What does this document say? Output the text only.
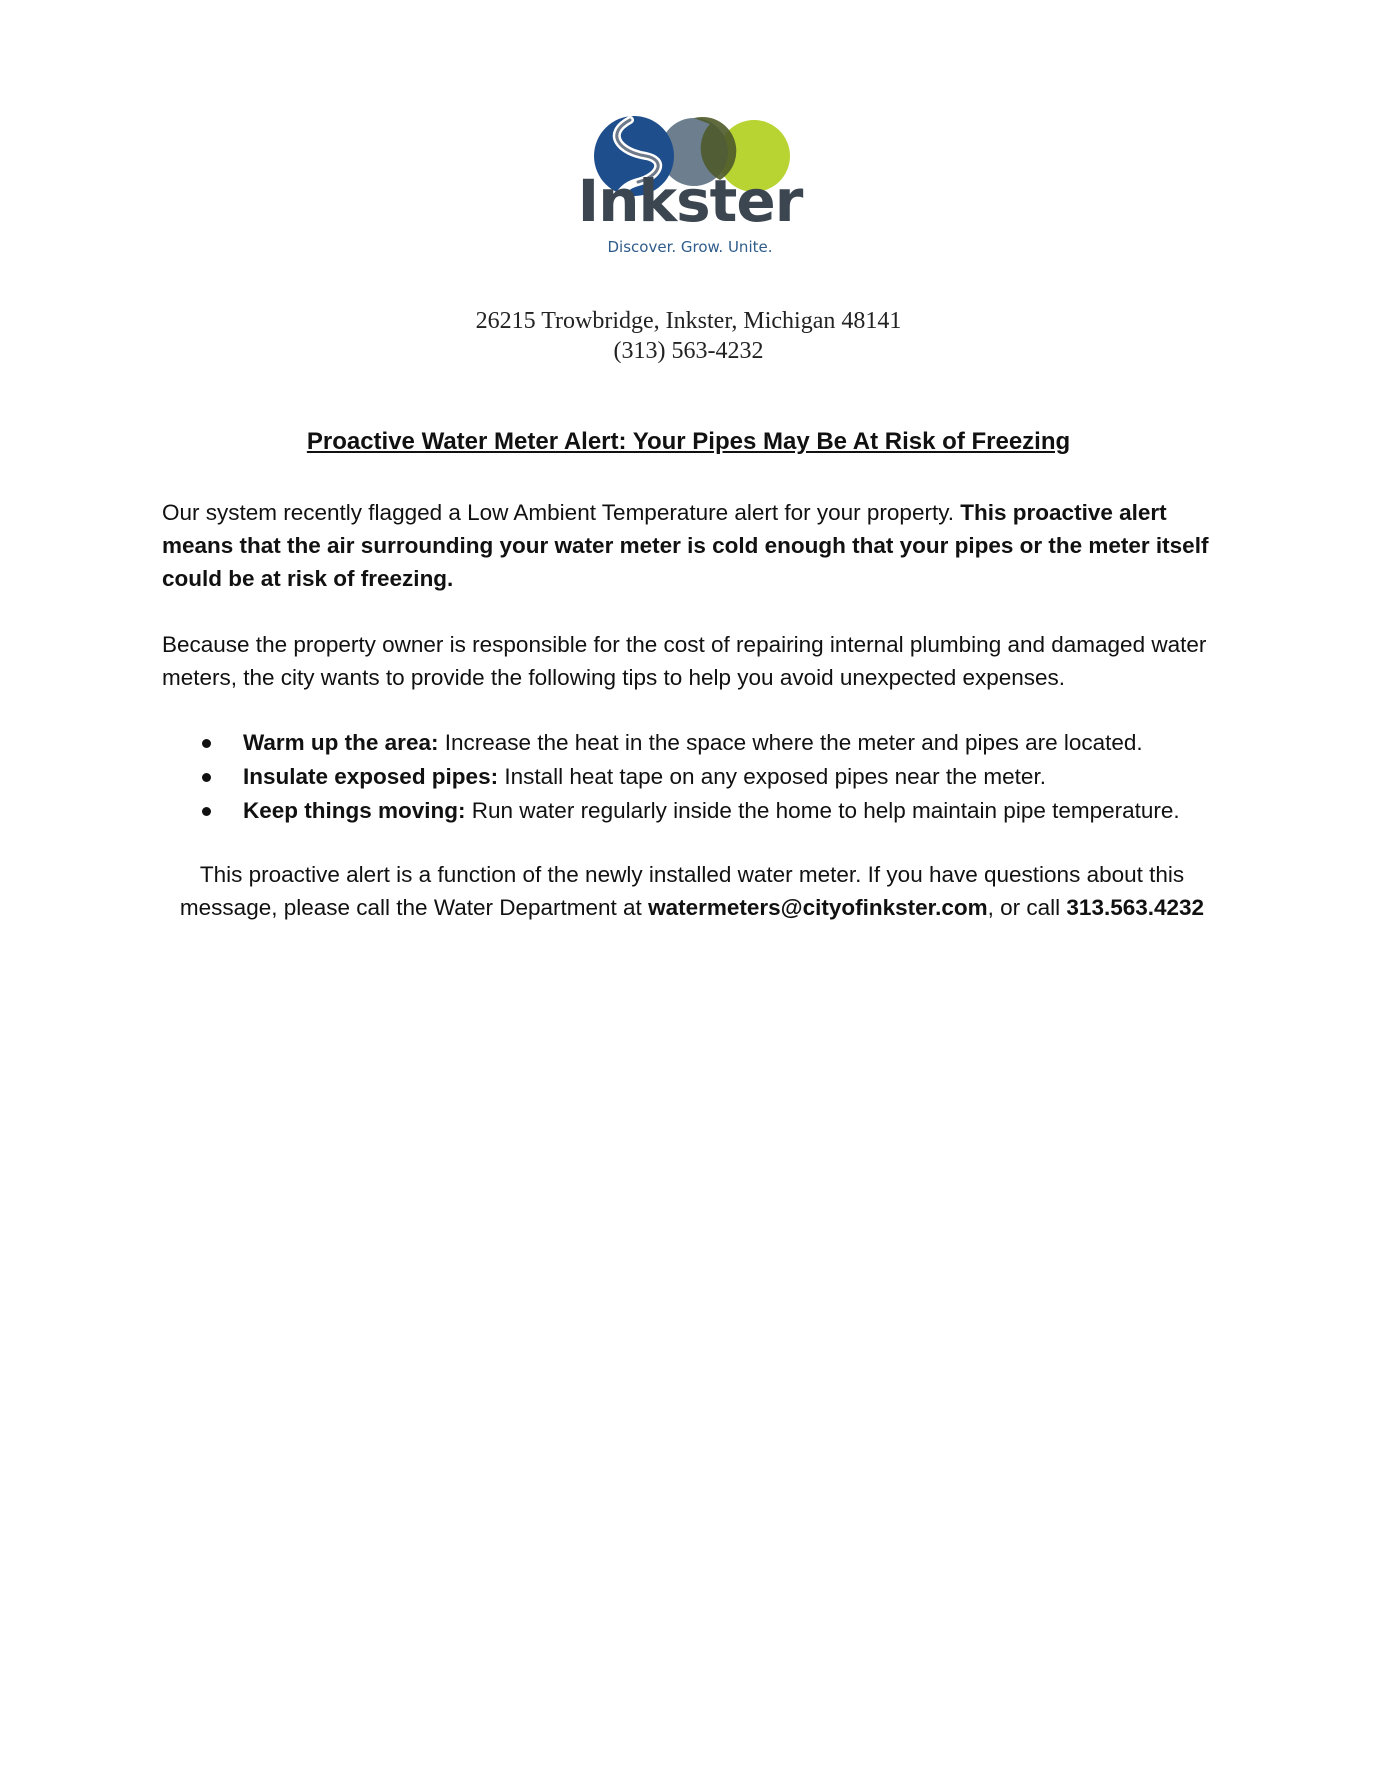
Inkster
Discover. Grow. Unite.
26215 Trowbridge, Inkster, Michigan 48141
(313) 563-4232
Proactive Water Meter Alert: Your Pipes May Be At Risk of Freezing

Our system recently flagged a Low Ambient Temperature alert for your property. This proactive alert means that the air surrounding your water meter is cold enough that your pipes or the meter itself could be at risk of freezing.

Because the property owner is responsible for the cost of repairing internal plumbing and damaged water meters, the city wants to provide the following tips to help you avoid unexpected expenses.

Warm up the area: Increase the heat in the space where the meter and pipes are located.
Insulate exposed pipes: Install heat tape on any exposed pipes near the meter.
Keep things moving: Run water regularly inside the home to help maintain pipe temperature.

This proactive alert is a function of the newly installed water meter. If you have questions about this message, please call the Water Department at watermeters@cityofinkster.com, or call 313.563.4232
